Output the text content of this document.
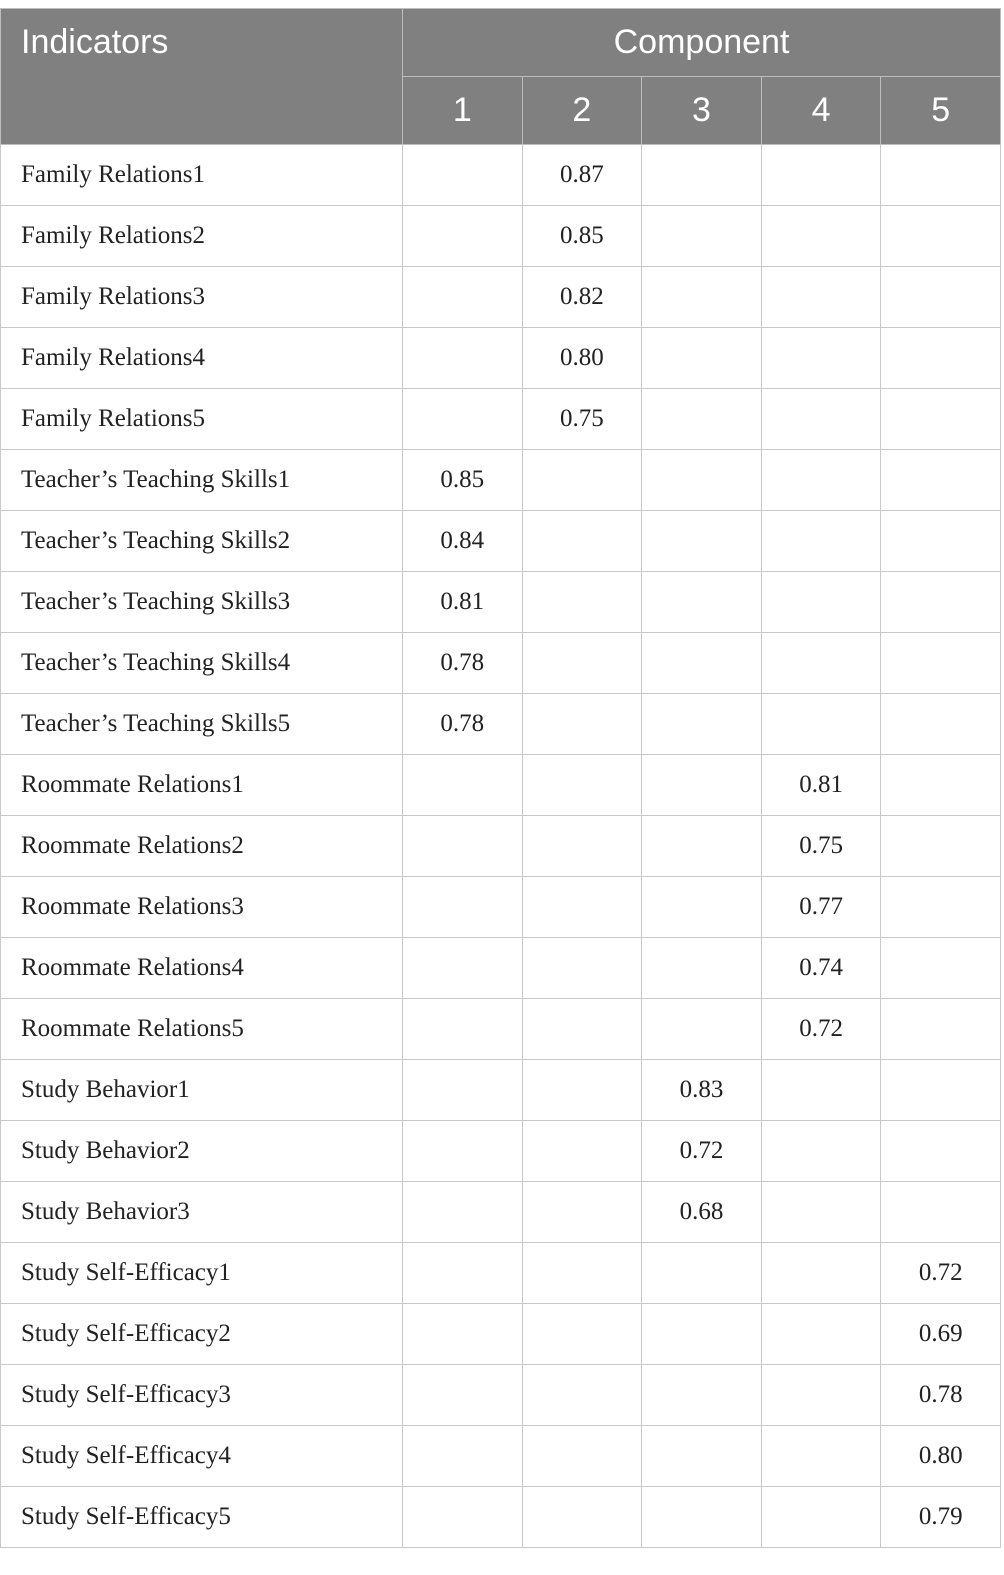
Indicators	Component				
	1	2	3	4	5
Family Relations1		0.87			
Family Relations2		0.85			
Family Relations3		0.82			
Family Relations4		0.80			
Family Relations5		0.75			
Teacher’s Teaching Skills1	0.85				
Teacher’s Teaching Skills2	0.84				
Teacher’s Teaching Skills3	0.81				
Teacher’s Teaching Skills4	0.78				
Teacher’s Teaching Skills5	0.78				
Roommate Relations1				0.81	
Roommate Relations2				0.75	
Roommate Relations3				0.77	
Roommate Relations4				0.74	
Roommate Relations5				0.72	
Study Behavior1			0.83		
Study Behavior2			0.72		
Study Behavior3			0.68		
Study Self-Efficacy1					0.72
Study Self-Efficacy2					0.69
Study Self-Efficacy3					0.78
Study Self-Efficacy4					0.80
Study Self-Efficacy5					0.79
